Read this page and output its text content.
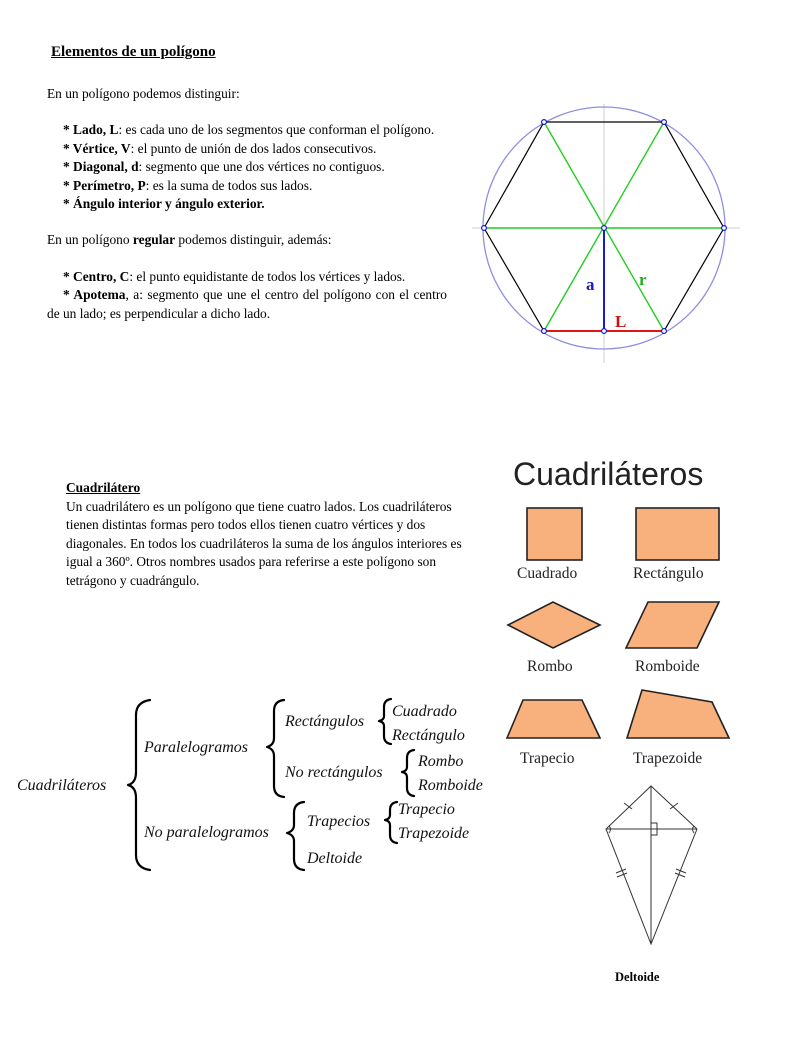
Elementos de un polígono

En un polígono podemos distinguir:

* Lado, L: es cada uno de los segmentos que conforman el polígono.

* Vértice, V: el punto de unión de dos lados consecutivos.

* Diagonal, d: segmento que une dos vértices no contiguos.

* Perímetro, P: es la suma de todos sus lados.

* Ángulo interior y ángulo exterior.

En un polígono regular podemos distinguir, además:

* Centro, C: el punto equidistante de todos los vértices y lados.

* Apotema, a: segmento que une el centro del polígono con el centro de un lado; es perpendicular a dicho lado.

a	r
L
Cuadrilátero
Un cuadrilátero es un polígono que tiene cuatro lados. Los cuadriláteros tienen distintas formas pero todos ellos tienen cuatro vértices y dos diagonales. En todos los cuadriláteros la suma de los ángulos interiores es igual a 360º. Otros nombres usados para referirse a este polígono son tetrágono y cuadrángulo.
Cuadriláteros
Cuadrado	Rectángulo
Rombo	Romboide
Trapecio	Trapezoide
Cuadriláteros
Paralelogramos
Rectángulos
Cuadrado
Rectángulo
No rectángulos
Rombo
Romboide
No paralelogramos
Trapecios
Trapecio
Trapezoide
Deltoide
Deltoide
